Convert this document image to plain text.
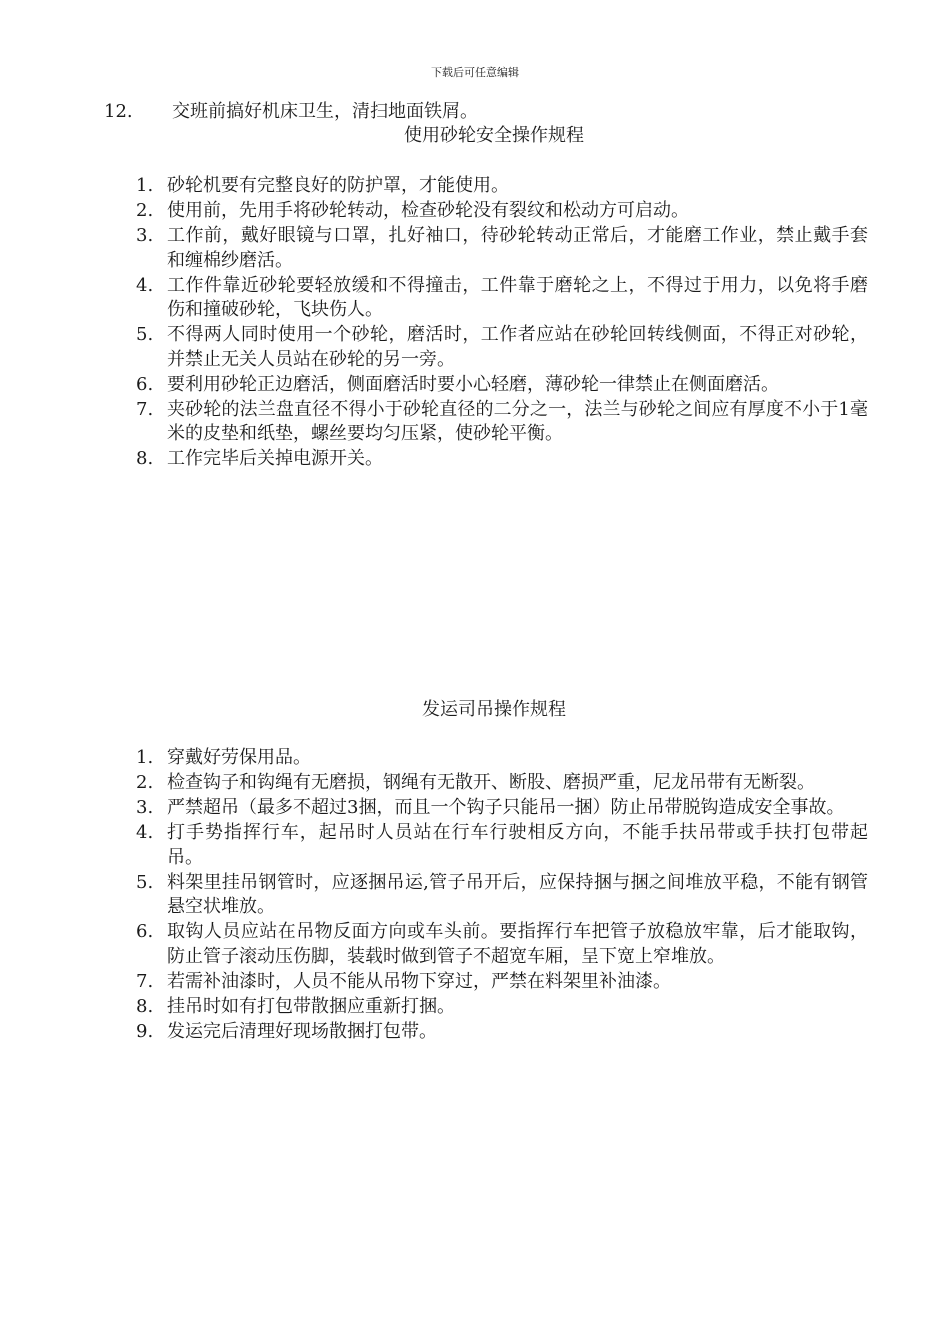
下载后可任意编辑
12. 交班前搞好机床卫生，清扫地面铁屑。
使用砂轮安全操作规程
1. 砂轮机要有完整良好的防护罩，才能使用。
2. 使用前，先用手将砂轮转动，检查砂轮没有裂纹和松动方可启动。
3. 工作前，戴好眼镜与口罩，扎好袖口，待砂轮转动正常后，才能磨工作业，禁止戴手套和缠棉纱磨活。
4. 工作件靠近砂轮要轻放缓和不得撞击，工件靠于磨轮之上，不得过于用力，以免将手磨伤和撞破砂轮，飞块伤人。
5. 不得两人同时使用一个砂轮，磨活时，工作者应站在砂轮回转线侧面，不得正对砂轮，并禁止无关人员站在砂轮的另一旁。
6. 要利用砂轮正边磨活，侧面磨活时要小心轻磨，薄砂轮一律禁止在侧面磨活。
7. 夹砂轮的法兰盘直径不得小于砂轮直径的二分之一，法兰与砂轮之间应有厚度不小于1毫米的皮垫和纸垫，螺丝要均匀压紧，使砂轮平衡。
8. 工作完毕后关掉电源开关。
发运司吊操作规程
1. 穿戴好劳保用品。
2. 检查钩子和钩绳有无磨损，钢绳有无散开、断股、磨损严重，尼龙吊带有无断裂。
3. 严禁超吊（最多不超过3捆，而且一个钩子只能吊一捆）防止吊带脱钩造成安全事故。
4. 打手势指挥行车，起吊时人员站在行车行驶相反方向，不能手扶吊带或手扶打包带起吊。
5. 料架里挂吊钢管时，应逐捆吊运,管子吊开后，应保持捆与捆之间堆放平稳，不能有钢管悬空状堆放。
6. 取钩人员应站在吊物反面方向或车头前。要指挥行车把管子放稳放牢靠，后才能取钩，防止管子滚动压伤脚，装载时做到管子不超宽车厢，呈下宽上窄堆放。
7. 若需补油漆时，人员不能从吊物下穿过，严禁在料架里补油漆。
8. 挂吊时如有打包带散捆应重新打捆。
9. 发运完后清理好现场散捆打包带。
